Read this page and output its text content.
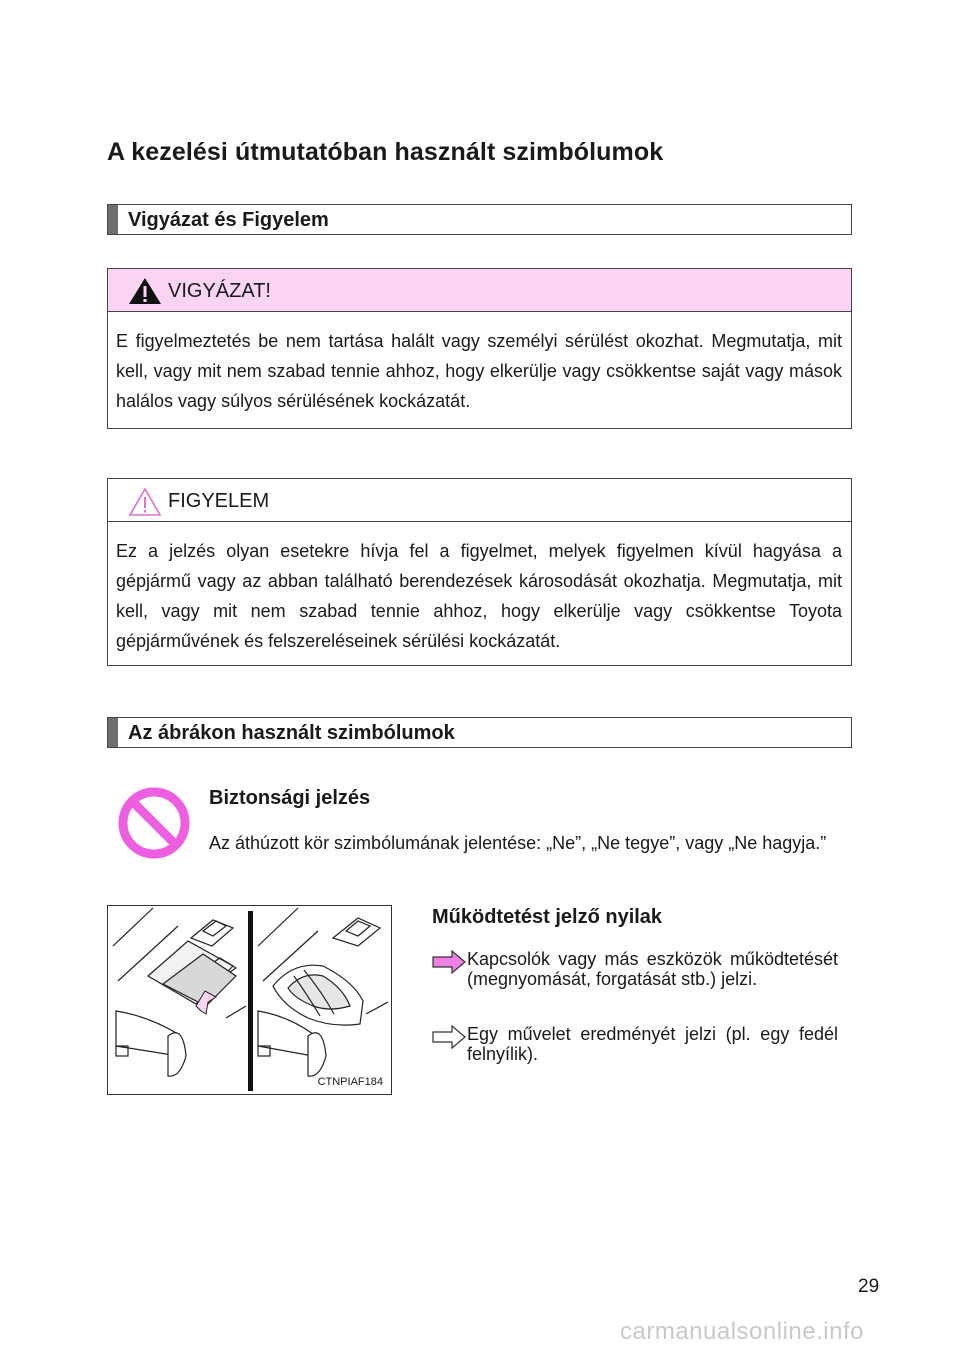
A kezelési útmutatóban használt szimbólumok
Vigyázat és Figyelem
VIGYÁZAT!
E figyelmeztetés be nem tartása halált vagy személyi sérülést okozhat. Megmutatja, mit kell, vagy mit nem szabad tennie ahhoz, hogy elkerülje vagy csökkentse saját vagy mások halálos vagy súlyos sérülésének kockázatát.
FIGYELEM
Ez a jelzés olyan esetekre hívja fel a figyelmet, melyek figyelmen kívül hagyása a gépjármű vagy az abban található berendezések károsodását okozhatja. Megmutatja, mit kell, vagy mit nem szabad tennie ahhoz, hogy elkerülje vagy csökkentse Toyota gépjárművének és felszereléseinek sérülési kockázatát.
Az ábrákon használt szimbólumok
Biztonsági jelzés
Az áthúzott kör szimbólumának jelentése: „Ne”, „Ne tegye”, vagy „Ne hagyja.”
CTNPIAF184
Működtetést jelző nyilak
Kapcsolók vagy más eszközök működtetését (megnyomását, forgatását stb.) jelzi.
Egy művelet eredményét jelzi (pl. egy fedél felnyílik).
29
carmanualsonline.info
